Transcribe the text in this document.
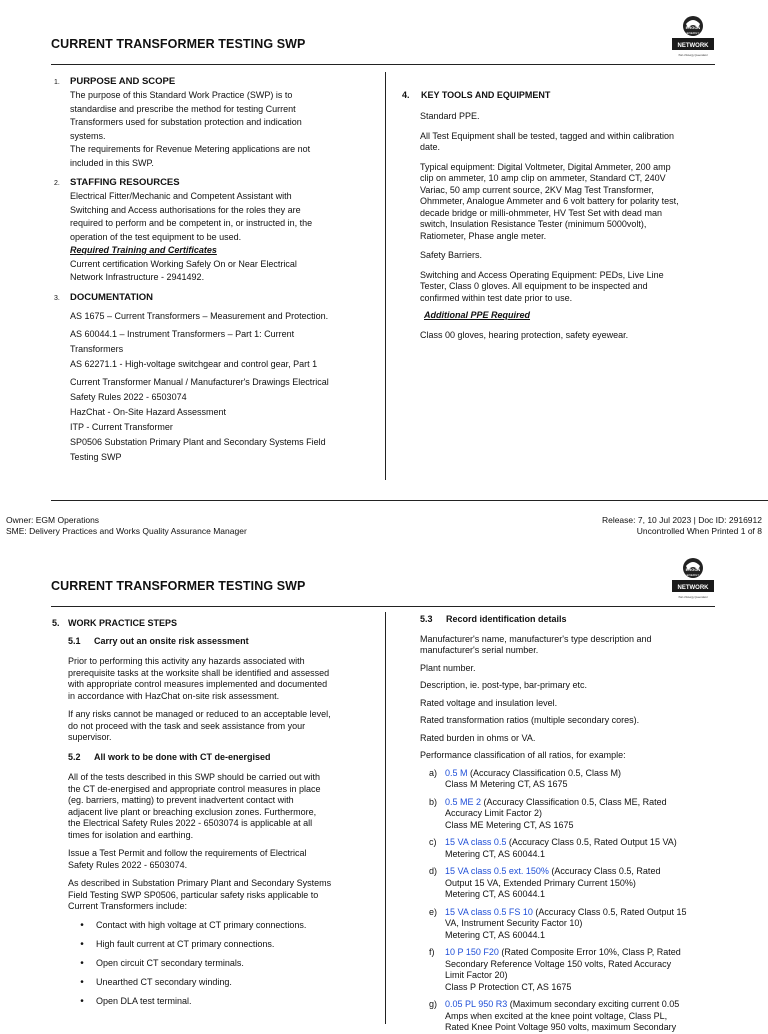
CURRENT TRANSFORMER TESTING SWP
ERGON
ENERGY
NETWORK
Part of Energy Queensland
1.	PURPOSE AND SCOPE

The purpose of this Standard Work Practice (SWP) is to

standardise and prescribe the method for testing Current

Transformers used for substation protection and indication

systems.

The requirements for Revenue Metering applications are not

included in this SWP.

2.	STAFFING RESOURCES

Electrical Fitter/Mechanic and Competent Assistant with

Switching and Access authorisations for the roles they are

required to perform and be competent in, or instructed in, the

operation of the test equipment to be used.

Required Training and Certificates

Current certification Working Safely On or Near Electrical

Network Infrastructure - 2941492.

3.	DOCUMENTATION

AS 1675 – Current Transformers – Measurement and Protection.

AS 60044.1 – Instrument Transformers – Part 1: Current

Transformers

AS 62271.1 - High-voltage switchgear and control gear, Part 1

Current Transformer Manual / Manufacturer's Drawings Electrical

Safety Rules 2022 - 6503074

HazChat - On-Site Hazard Assessment

ITP - Current Transformer

SP0506 Substation Primary Plant and Secondary Systems Field

Testing SWP

4.	KEY TOOLS AND EQUIPMENT

Standard PPE.

All Test Equipment shall be tested, tagged and within calibration

date.

Typical equipment: Digital Voltmeter, Digital Ammeter, 200 amp

clip on ammeter, 10 amp clip on ammeter, Standard CT, 240V

Variac, 50 amp current source, 2KV Mag Test Transformer,

Ohmmeter, Analogue Ammeter and 6 volt battery for polarity test,

decade bridge or milli-ohmmeter, HV Test Set with dead man

switch, Insulation Resistance Tester (minimum 5000volt),

Ratiometer, Phase angle meter.

Safety Barriers.

Switching and Access Operating Equipment: PEDs, Live Line

Tester, Class 0 gloves. All equipment to be inspected and

confirmed within test date prior to use.

Additional PPE Required

Class 00 gloves, hearing protection, safety eyewear.

Owner: EGM Operations
SME: Delivery Practices and Works Quality Assurance Manager
Release: 7, 10 Jul 2023 | Doc ID: 2916912
Uncontrolled When Printed 1 of 8
CURRENT TRANSFORMER TESTING SWP
ERGON
ENERGY
NETWORK
Part of Energy Queensland
5. WORK PRACTICE STEPS
5.1	Carry out an onsite risk assessment

Prior to performing this activity any hazards associated with

prerequisite tasks at the worksite shall be identified and assessed

with appropriate control measures implemented and documented

in accordance with HazChat on-site risk assessment.

If any risks cannot be managed or reduced to an acceptable level,

do not proceed with the task and seek assistance from your

supervisor.

5.2	All work to be done with CT de-energised

All of the tests described in this SWP should be carried out with

the CT de-energised and appropriate control measures in place

(eg. barriers, matting) to prevent inadvertent contact with

adjacent live plant or breaching exclusion zones. Furthermore,

the Electrical Safety Rules 2022 - 6503074 is applicable at all

times for isolation and earthing.

Issue a Test Permit and follow the requirements of Electrical

Safety Rules 2022 - 6503074.

As described in Substation Primary Plant and Secondary Systems

Field Testing SWP SP0506, particular safety risks applicable to

Current Transformers include:

•	Contact with high voltage at CT primary connections.
•	High fault current at CT primary connections.
•	Open circuit CT secondary terminals.
•	Unearthed CT secondary winding.
•	Open DLA test terminal.
5.3	Record identification details

Manufacturer's name, manufacturer's type description and

manufacturer's serial number.

Plant number.

Description, ie. post-type, bar-primary etc.

Rated voltage and insulation level.

Rated transformation ratios (multiple secondary cores).

Rated burden in ohms or VA.

Performance classification of all ratios, for example:

a) 0.5 M (Accuracy Classification 0.5, Class M)

Class M Metering CT, AS 1675

b) 0.5 ME 2 (Accuracy Classification 0.5, Class ME, Rated

Accuracy Limit Factor 2)

Class ME Metering CT, AS 1675

c) 15 VA class 0.5 (Accuracy Class 0.5, Rated Output 15 VA)

Metering CT, AS 60044.1

d) 15 VA class 0.5 ext. 150% (Accuracy Class 0.5, Rated

Output 15 VA, Extended Primary Current 150%)

Metering CT, AS 60044.1

e) 15 VA class 0.5 FS 10 (Accuracy Class 0.5, Rated Output 15

VA, Instrument Security Factor 10)

Metering CT, AS 60044.1

f)	10 P 150 F20 (Rated Composite Error 10%, Class P, Rated

Secondary Reference Voltage 150 volts, Rated Accuracy

Limit Factor 20)

Class P Protection CT, AS 1675

g) 0.05 PL 950 R3 (Maximum secondary exciting current 0.05

Amps when excited at the knee point voltage, Class PL,

Rated Knee Point Voltage 950 volts, maximum Secondary
